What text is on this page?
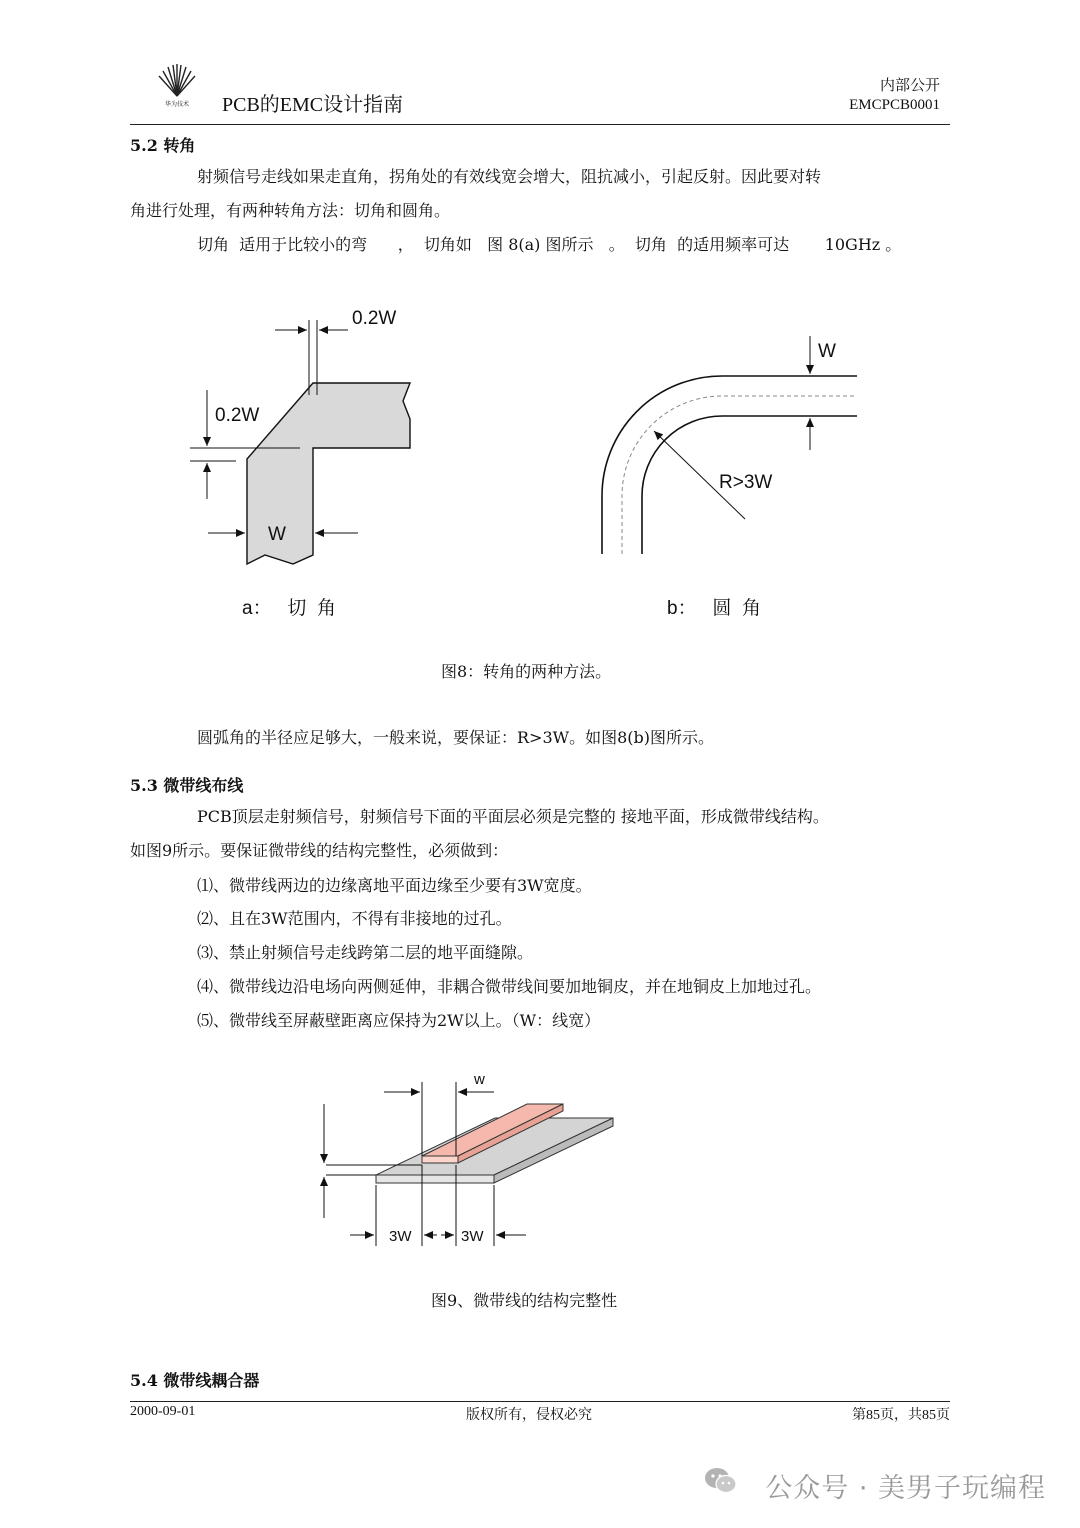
华为技术 PCB的EMC设计指南
内部公开
EMCPCB0001
5.2 转角
射频信号走线如果走直角，拐角处的有效线宽会增大，阻抗减小，引起反射。因此要对转
角进行处理，有两种转角方法：切角和圆角。
切角  适用于比较小的弯      ，  切角如   图 8(a) 图所示   。  切角  的适用频率可达       10GHz 。
0.2W
0.2W
W
W
R>3W
a：   切  角	b：   圆  角
图8：转角的两种方法。
圆弧角的半径应足够大，一般来说，要保证：R>3W。如图8(b)图所示。
5.3 微带线布线
PCB顶层走射频信号，射频信号下面的平面层必须是完整的 接地平面，形成微带线结构。
如图9所示。要保证微带线的结构完整性，必须做到：
⑴、微带线两边的边缘离地平面边缘至少要有3W宽度。
⑵、且在3W范围内，不得有非接地的过孔。
⑶、禁止射频信号走线跨第二层的地平面缝隙。
⑷、微带线边沿电场向两侧延伸，非耦合微带线间要加地铜皮，并在地铜皮上加地过孔。
⑸、微带线至屏蔽壁距离应保持为2W以上。（W：线宽）
w
3W	3W
图9、微带线的结构完整性
5.4 微带线耦合器
2000-09-01	版权所有，侵权必究	第85页，共85页
公众号 · 美男子玩编程
